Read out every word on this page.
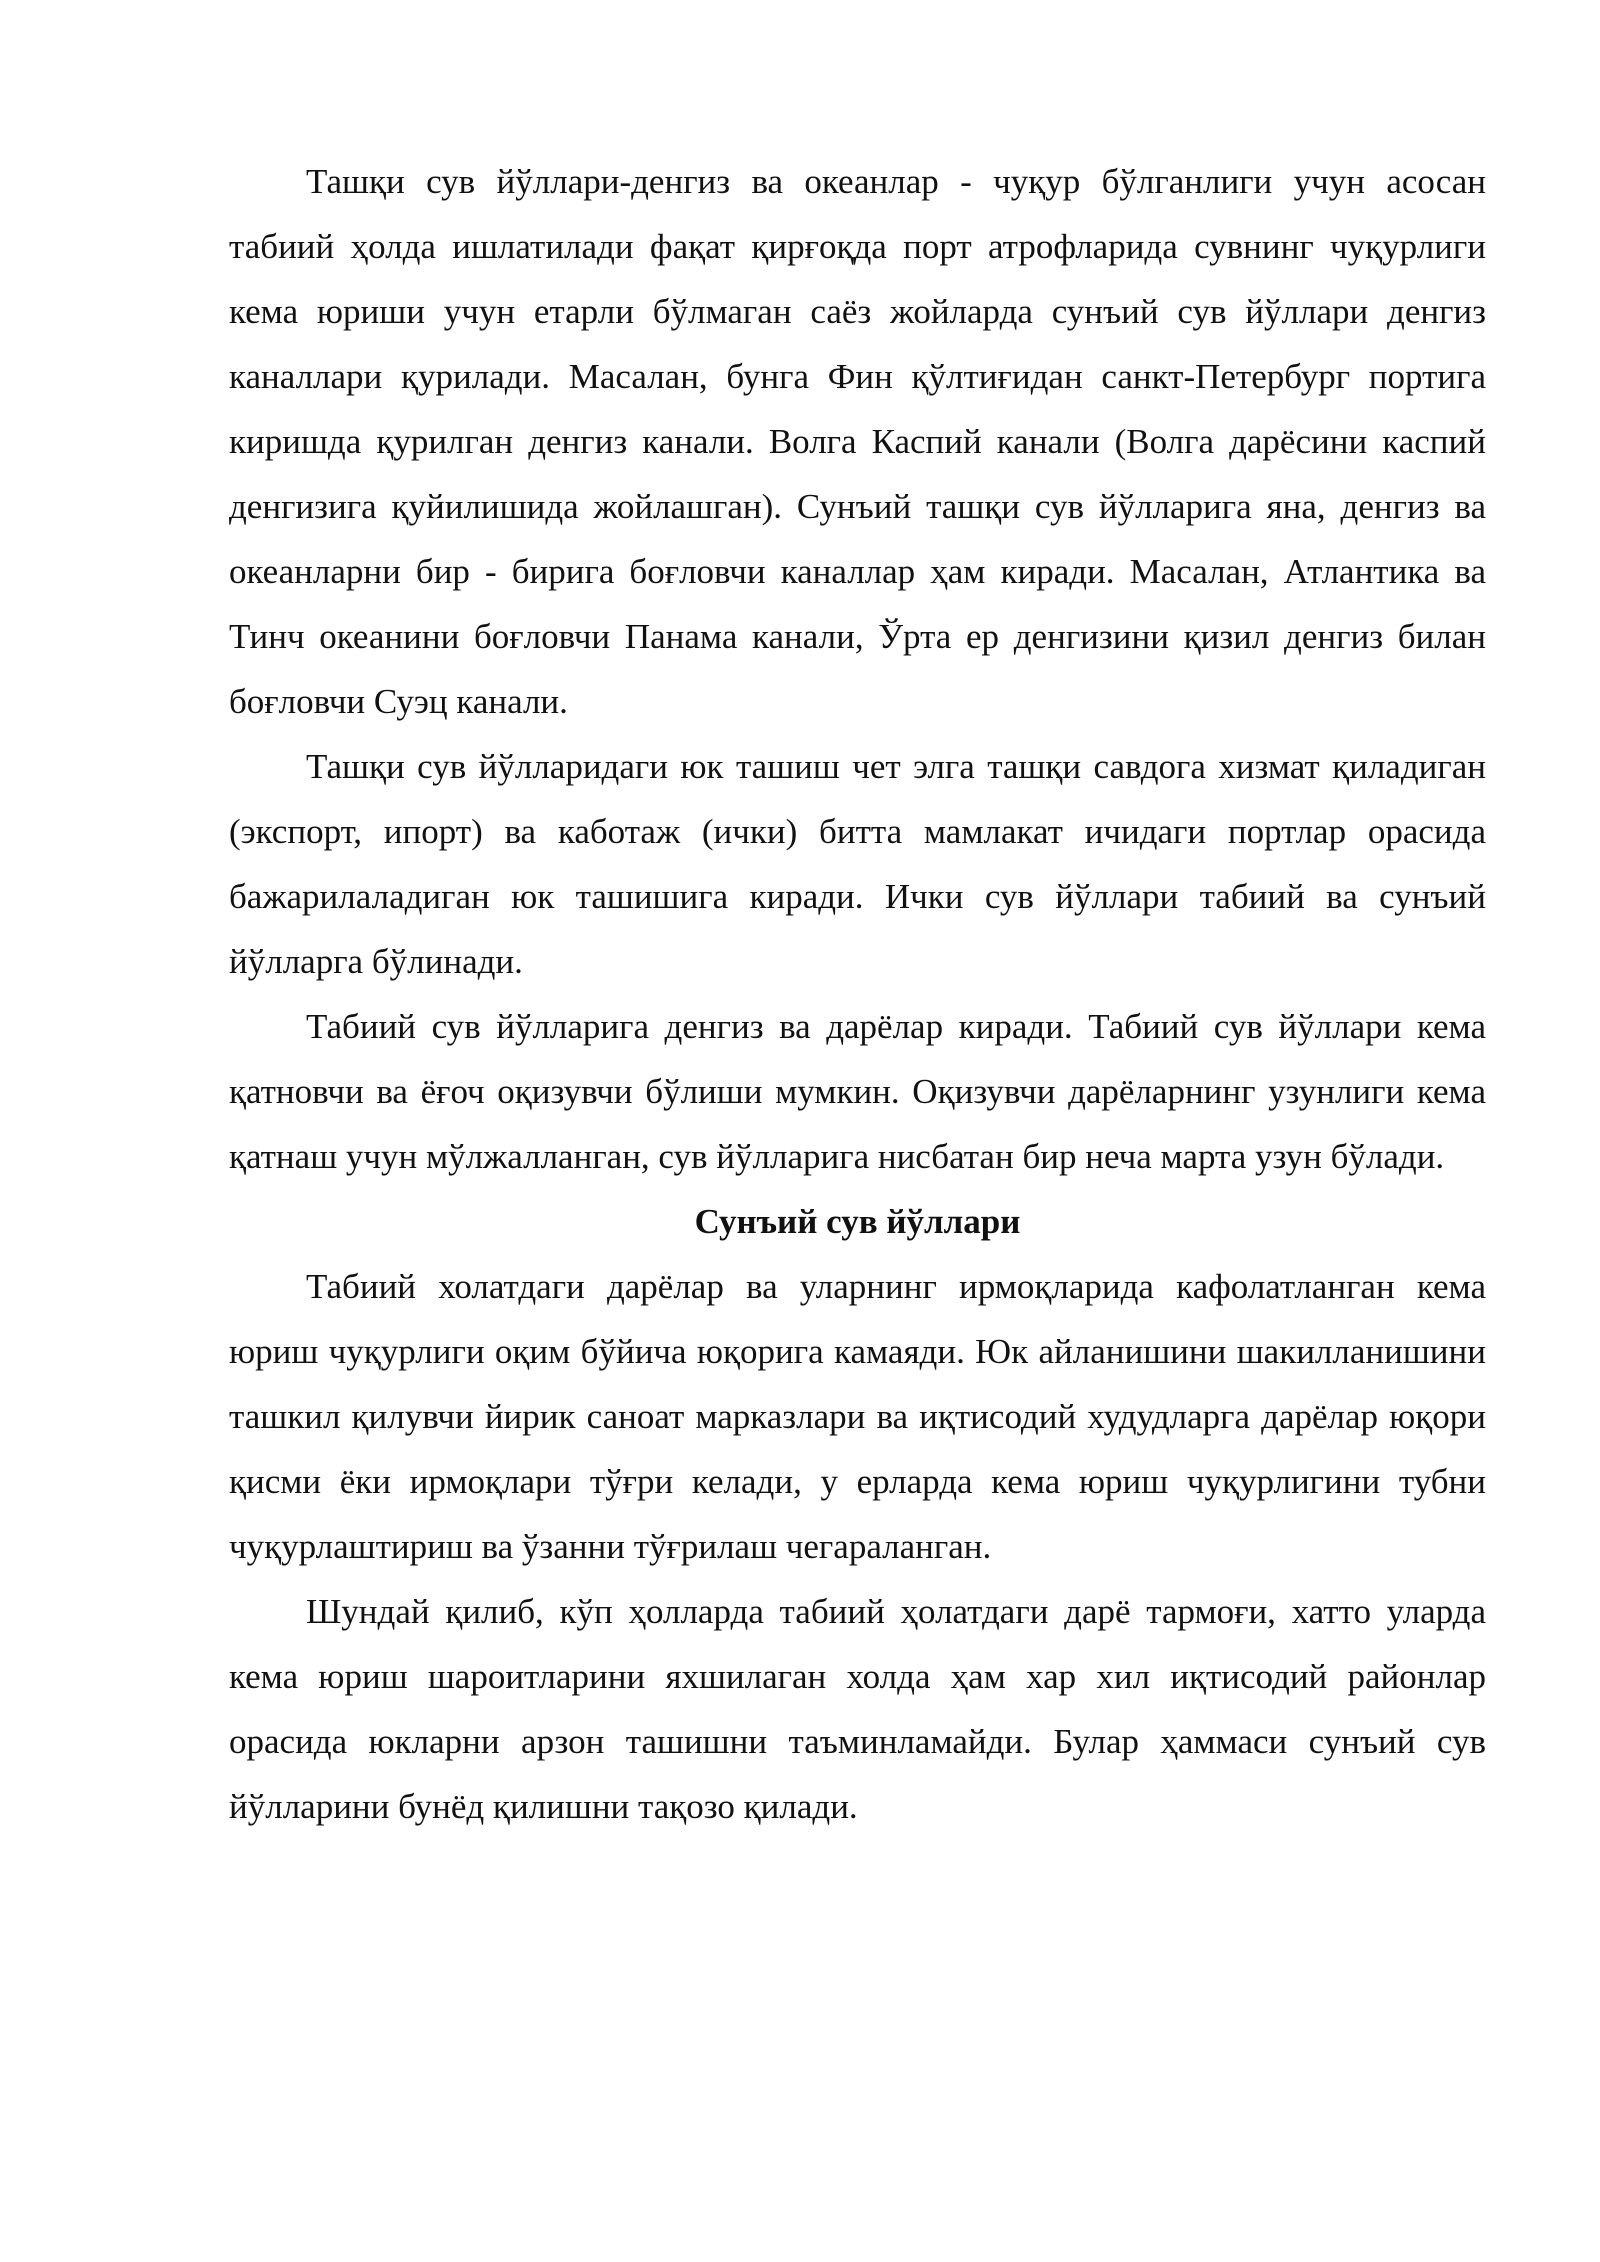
Ташқи сув йўллари-денгиз ва океанлар - чуқур бўлганлиги учун асосан табиий ҳолда ишлатилади фақат қирғоқда порт атрофларида сувнинг чуқурлиги кема юриши учун етарли бўлмаган саёз жойларда сунъий сув йўллари денгиз каналлари қурилади. Масалан, бунга Фин қўлтиғидан санкт-Петербург портига киришда қурилган денгиз канали. Волга Каспий канали (Волга дарёсини каспий денгизига қуйилишида жойлашган). Сунъий ташқи сув йўлларига яна, денгиз ва океанларни бир - бирига боғловчи каналлар ҳам киради. Масалан, Атлантика ва Тинч океанини боғловчи Панама канали, Ўрта ер денгизини қизил денгиз билан боғловчи Суэц канали.

Ташқи сув йўлларидаги юк ташиш чет элга ташқи савдога хизмат қиладиган (экспорт, ипорт) ва каботаж (ички) битта мамлакат ичидаги портлар орасида бажарилаладиган юк ташишига киради. Ички сув йўллари табиий ва сунъий йўлларга бўлинади.

Табиий сув йўлларига денгиз ва дарёлар киради. Табиий сув йўллари кема қатновчи ва ёғоч оқизувчи бўлиши мумкин. Оқизувчи дарёларнинг узунлиги кема қатнаш учун мўлжалланган, сув йўлларига нисбатан бир неча марта узун бўлади.

Сунъий сув йўллари

Табиий холатдаги дарёлар ва уларнинг ирмоқларида кафолатланган кема юриш чуқурлиги оқим бўйича юқорига камаяди. Юк айланишини шакилланишини ташкил қилувчи йирик саноат марказлари ва иқтисодий худудларга дарёлар юқори қисми ёки ирмоқлари тўғри келади, у ерларда кема юриш чуқурлигини тубни чуқурлаштириш ва ўзанни тўғрилаш чегараланган.

Шундай қилиб, кўп ҳолларда табиий ҳолатдаги дарё тармоғи, хатто уларда кема юриш шароитларини яхшилаган холда ҳам хар хил иқтисодий районлар орасида юкларни арзон ташишни таъминламайди. Булар ҳаммаси сунъий сув йўлларини бунёд қилишни тақозо қилади.
